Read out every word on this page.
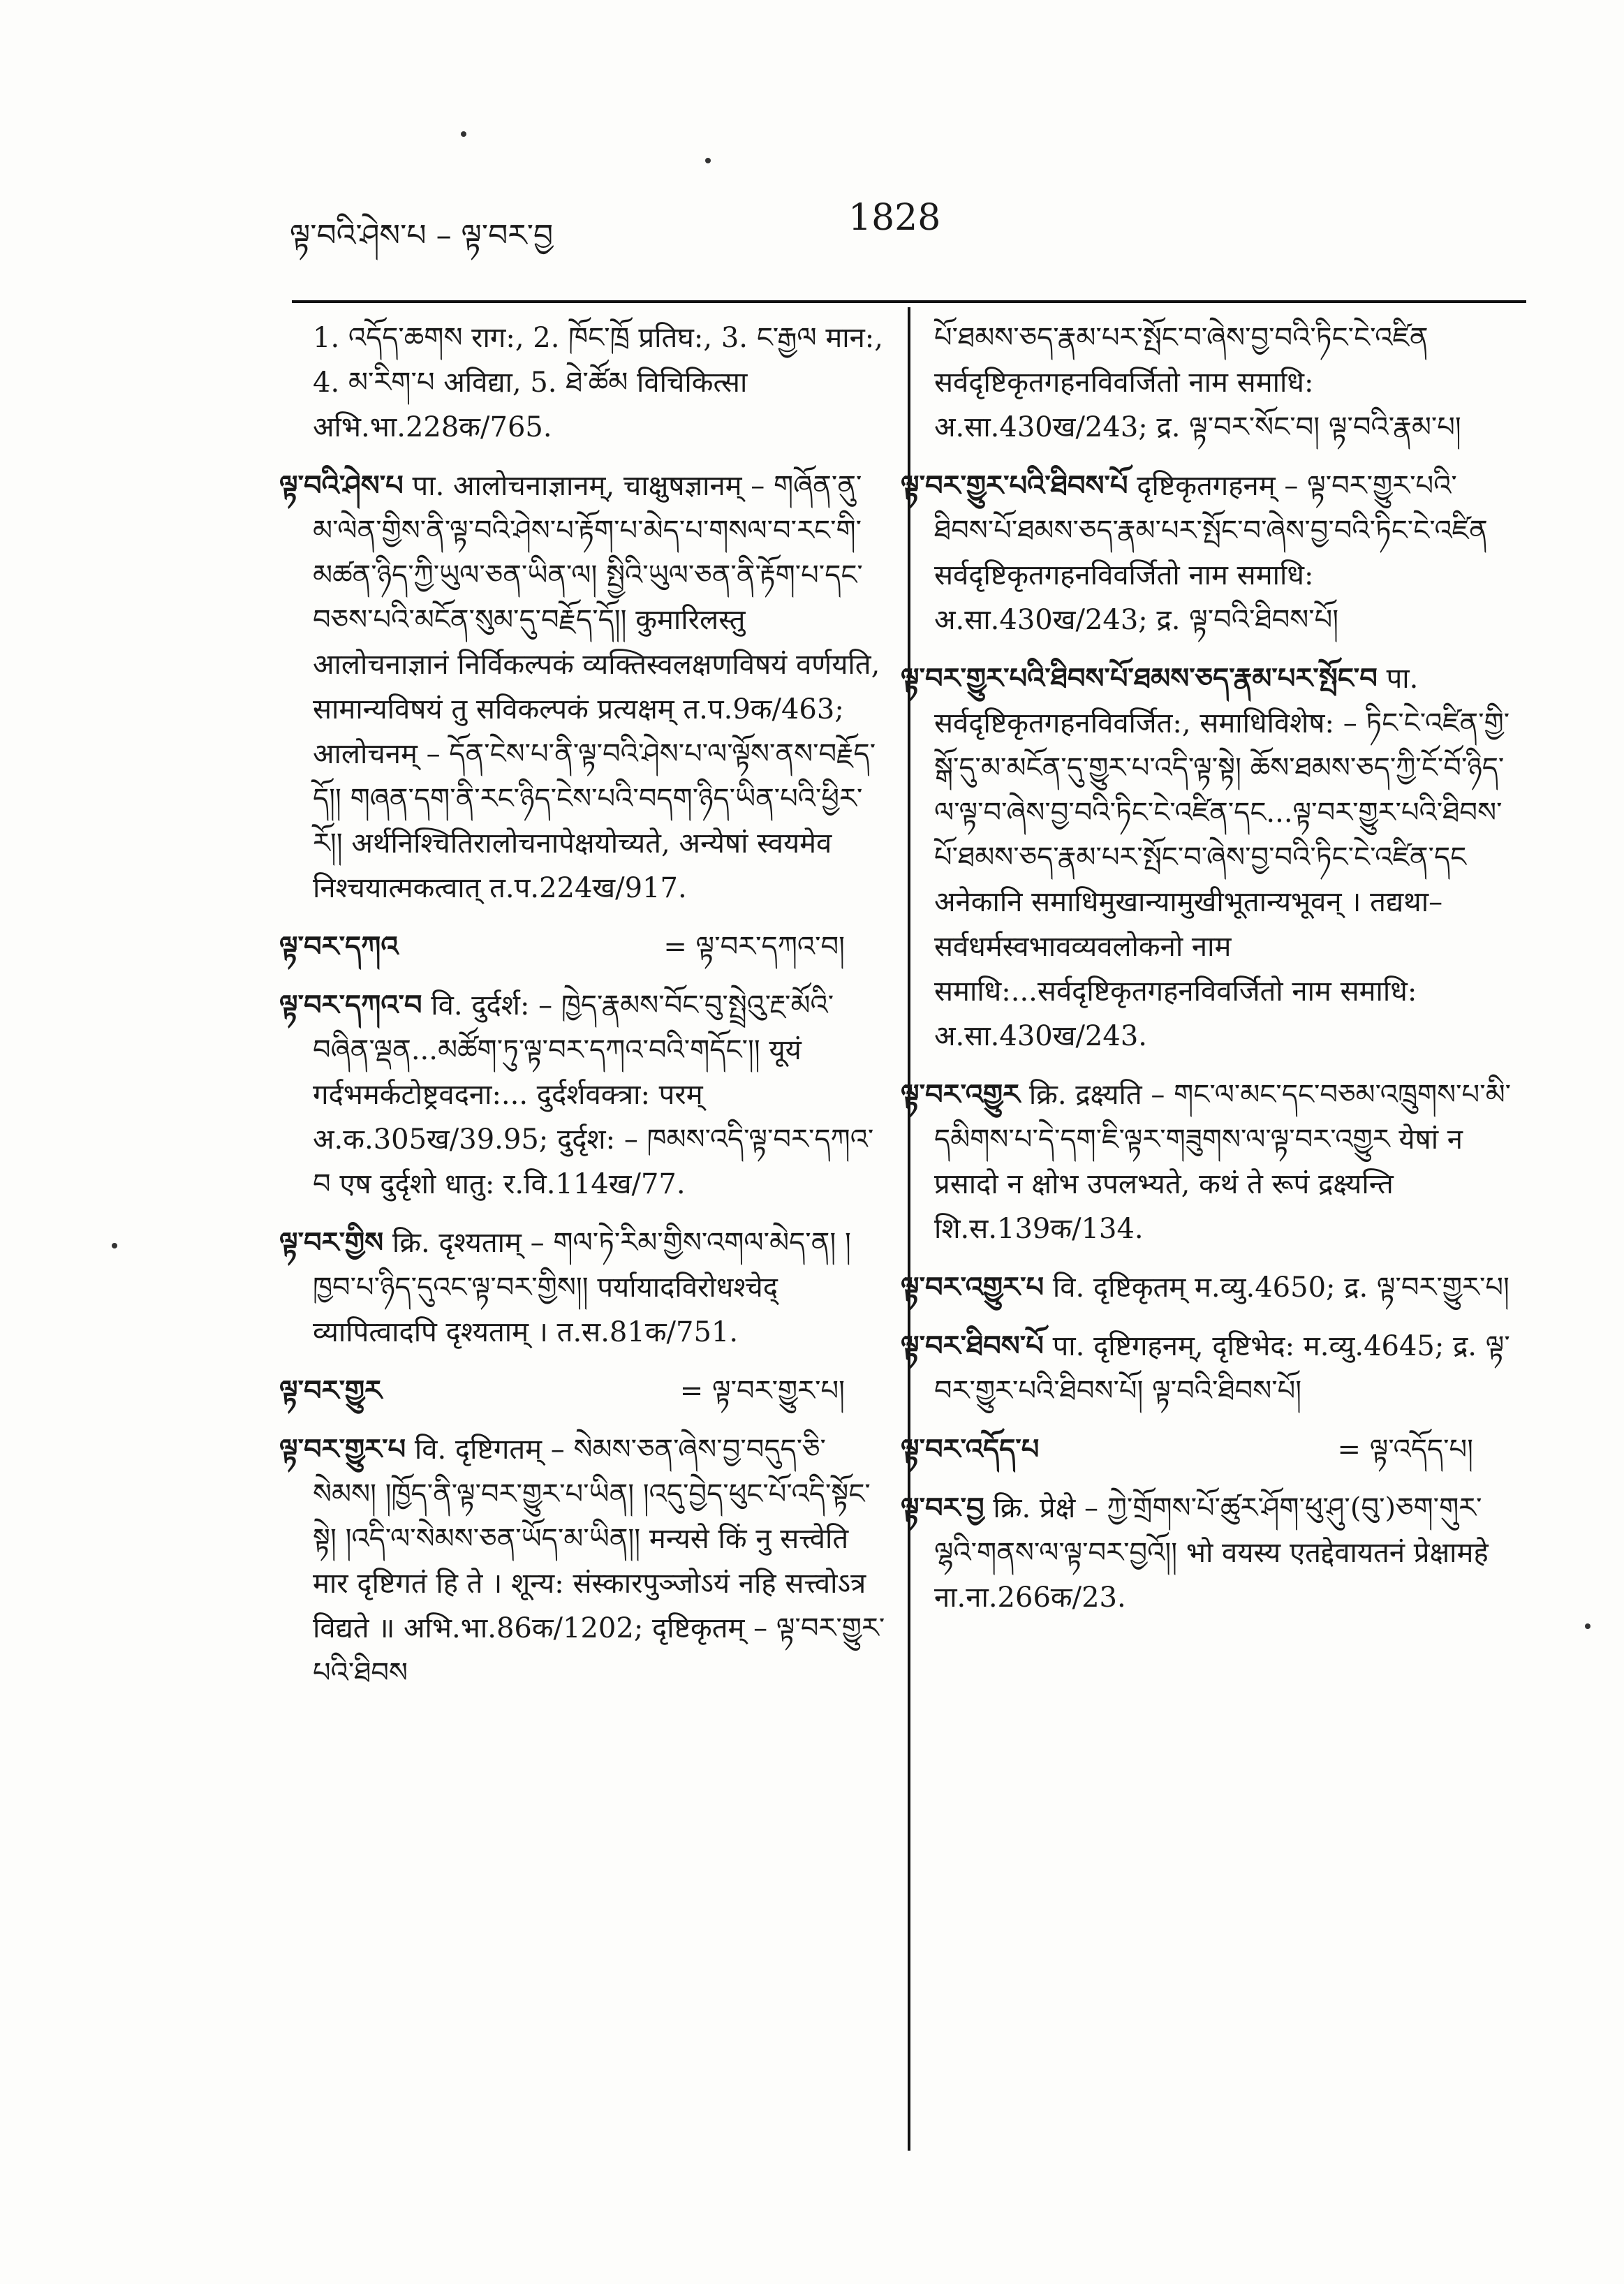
ལྟ་བའི་ཤེས་པ – ལྟ་བར་བྱ	1828

1. འདོད་ཆགས राग:, 2. ཁོང་ཁྲོ प्रतिघ:, 3. ང་རྒྱལ मान:, 4. མ་རིག་པ अविद्या, 5. ཐེ་ཚོམ विचिकित्सा अभि.भा.228क/765.

ལྟ་བའི་ཤེས་པ पा. आलोचनाज्ञानम्, चाक्षुषज्ञानम् – གཞོན་ནུ་མ་ལེན་གྱིས་ནི་ལྟ་བའི་ཤེས་པ་རྟོག་པ་མེད་པ་གསལ་བ་རང་གི་མཚན་ཉིད་ཀྱི་ཡུལ་ཅན་ཡིན་ལ། སྤྱིའི་ཡུལ་ཅན་ནི་རྟོག་པ་དང་བཅས་པའི་མངོན་སུམ་དུ་བརྗོད་དོ།། कुमारिलस्तु आलोचनाज्ञानं निर्विकल्पकं व्यक्तिस्वलक्षणविषयं वर्णयति, सामान्यविषयं तु सविकल्पकं प्रत्यक्षम् त.प.9क/463; आलोचनम् – དོན་ངེས་པ་ནི་ལྟ་བའི་ཤེས་པ་ལ་ལྟོས་ནས་བརྗོད་དོ།། གཞན་དག་ནི་རང་ཉིད་ངེས་པའི་བདག་ཉིད་ཡིན་པའི་ཕྱིར་རོ།། अर्थनिश्चितिरालोचनापेक्षयोच्यते, अन्येषां स्वयमेव निश्चयात्मकत्वात् त.प.224ख/917.

ལྟ་བར་དཀའ	= ལྟ་བར་དཀའ་བ།

ལྟ་བར་དཀའ་བ वि. दुर्दर्श: – ཁྱེད་རྣམས་བོང་བུ་སྤྲེའུ་རྔ་མོའི་བཞིན་ལྡན...མཚོག་ཏུ་ལྟ་བར་དཀའ་བའི་གདོང་།། यूयं गर्दभमर्कटोष्ट्रवदना:... दुर्दर्शवक्त्रा: परम् अ.क.305ख/39.95; दुर्दृश: – ཁམས་འདི་ལྟ་བར་དཀའ་བ एष दुर्दृशो धातु: र.वि.114ख/77.

ལྟ་བར་གྱིས क्रि. दृश्यताम् – གལ་ཏེ་རིམ་གྱིས་འགལ་མེད་ན། །ཁྱབ་པ་ཉིད་དུའང་ལྟ་བར་གྱིས།། पर्यायादविरोधश्चेद् व्यापित्वादपि दृश्यताम् । त.स.81क/751.

ལྟ་བར་གྱུར	= ལྟ་བར་གྱུར་པ།

ལྟ་བར་གྱུར་པ वि. दृष्टिगतम् – སེམས་ཅན་ཞེས་བྱ་བདུད་ཅི་སེམས། །ཁྱོད་ནི་ལྟ་བར་གྱུར་པ་ཡིན། །འདུ་བྱེད་ཕུང་པོ་འདི་སྟོང་སྟེ། །འདི་ལ་སེམས་ཅན་ཡོད་མ་ཡིན།། मन्यसे किं नु सत्त्वेति मार दृष्टिगतं हि ते । शून्य: संस्कारपुञ्जोऽयं नहि सत्त्वोऽत्र विद्यते ॥ अभि.भा.86क/1202; दृष्टिकृतम् – ལྟ་བར་གྱུར་པའི་ཐིབས

པོ་ཐམས་ཅད་རྣམ་པར་སྤོང་བ་ཞེས་བྱ་བའི་ཏིང་ངེ་འཛིན सर्वदृष्टिकृतगहनविवर्जितो नाम समाधि: अ.सा.430ख/243; द्र. ལྟ་བར་སོང་བ། ལྟ་བའི་རྣམ་པ།

ལྟ་བར་གྱུར་པའི་ཐིབས་པོ दृष्टिकृतगहनम् – ལྟ་བར་གྱུར་པའི་ཐིབས་པོ་ཐམས་ཅད་རྣམ་པར་སྤོང་བ་ཞེས་བྱ་བའི་ཏིང་ངེ་འཛིན सर्वदृष्टिकृतगहनविवर्जितो नाम समाधि: अ.सा.430ख/243; द्र. ལྟ་བའི་ཐིབས་པོ།

ལྟ་བར་གྱུར་པའི་ཐིབས་པོ་ཐམས་ཅད་རྣམ་པར་སྤོང་བ पा. सर्वदृष्टिकृतगहनविवर्जित:, समाधिविशेष: – ཏིང་ངེ་འཛིན་གྱི་སྒོ་དུ་མ་མངོན་དུ་གྱུར་པ་འདི་ལྟ་སྟེ། ཆོས་ཐམས་ཅད་ཀྱི་ངོ་བོ་ཉིད་ལ་ལྟ་བ་ཞེས་བྱ་བའི་ཏིང་ངེ་འཛིན་དང...ལྟ་བར་གྱུར་པའི་ཐིབས་པོ་ཐམས་ཅད་རྣམ་པར་སྤོང་བ་ཞེས་བྱ་བའི་ཏིང་ངེ་འཛིན་དང अनेकानि समाधिमुखान्यामुखीभूतान्यभूवन् । तद्यथा–सर्वधर्मस्वभावव्यवलोकनो नाम समाधि:...सर्वदृष्टिकृतगहनविवर्जितो नाम समाधि: अ.सा.430ख/243.

ལྟ་བར་འགྱུར क्रि. द्रक्ष्यति – གང་ལ་མང་དང་བཅམ་འཁྲུགས་པ་མི་དམིགས་པ་དེ་དག་ཇི་ལྟར་གཟུགས་ལ་ལྟ་བར་འགྱུར येषां न प्रसादो न क्षोभ उपलभ्यते, कथं ते रूपं द्रक्ष्यन्ति शि.स.139क/134.

ལྟ་བར་འགྱུར་པ वि. दृष्टिकृतम् म.व्यु.4650; द्र. ལྟ་བར་གྱུར་པ།

ལྟ་བར་ཐིབས་པོ पा. दृष्टिगहनम्, दृष्टिभेद: म.व्यु.4645; द्र. ལྟ་བར་གྱུར་པའི་ཐིབས་པོ། ལྟ་བའི་ཐིབས་པོ།

ལྟ་བར་འདོད་པ	= ལྟ་འདོད་པ།

ལྟ་བར་བྱ क्रि. प्रेक्षे – ཀྱེ་གྲོགས་པོ་ཚུར་ཤོག་ཕུ་ཤུ་(བུ་)ཅག་གུར་ལྷའི་གནས་ལ་ལྟ་བར་བྱའོ།། भो वयस्य एतद्देवायतनं प्रेक्षामहे ना.ना.266क/23.
